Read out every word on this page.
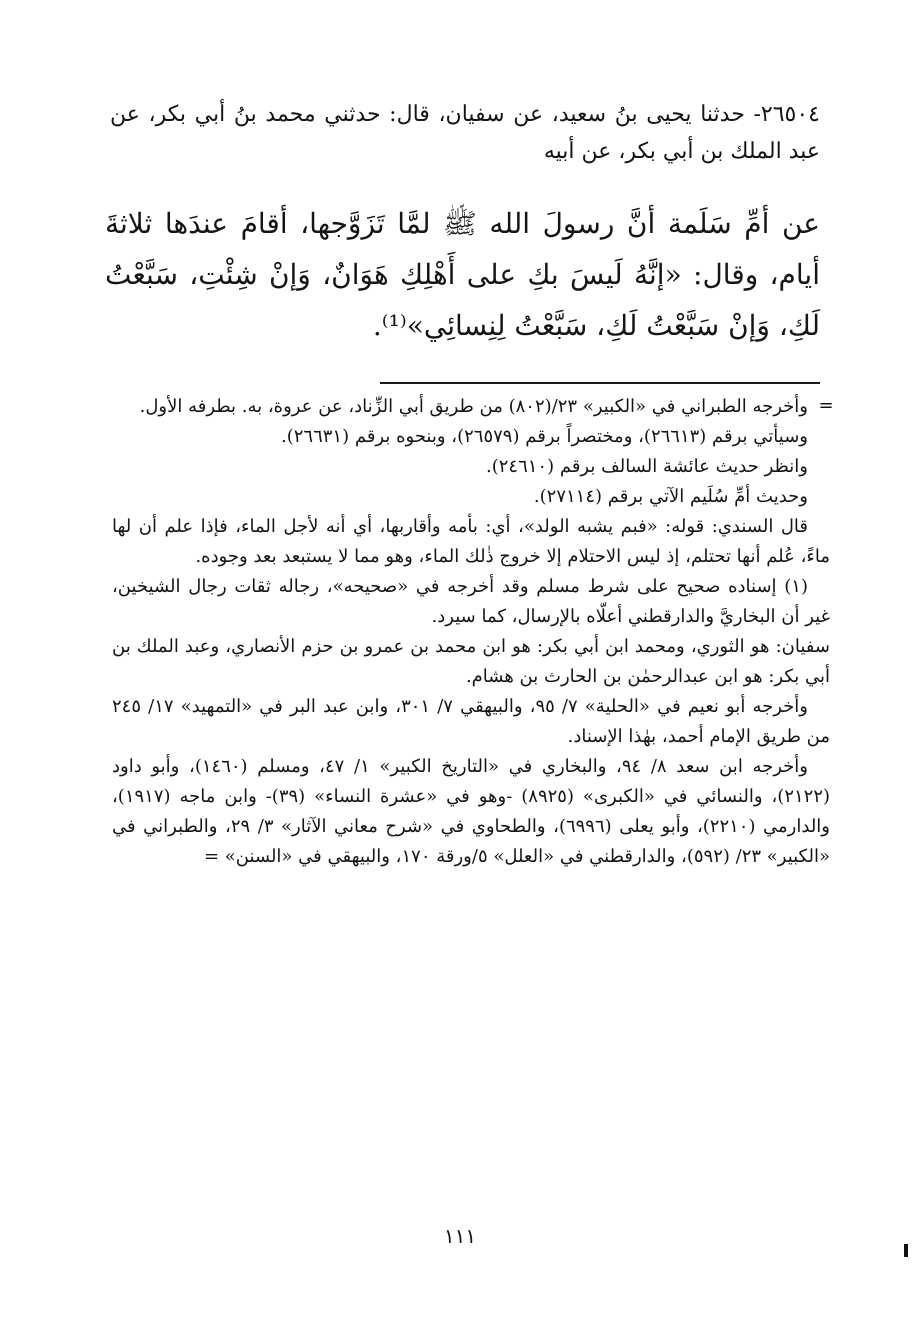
٢٦٥٠٤- حدثنا يحيى بنُ سعيد، عن سفيان، قال: حدثني محمد بنُ أبي بكر، عن عبد الملك بن أبي بكر، عن أبيه
عن أمِّ سَلَمة أنَّ رسولَ الله ﷺ لمَّا تَزَوَّجها، أقامَ عندَها ثلاثةَ أيام، وقال: «إنَّهُ لَيسَ بكِ على أَهْلِكِ هَوَانٌ، وَإنْ شِئْتِ، سَبَّعْتُ لَكِ، وَإنْ سَبَّعْتُ لَكِ، سَبَّعْتُ لِنِسائِي»⁽¹⁾.
=

وأخرجه الطبراني في «الكبير» ٢٣/(٨٠٢) من طريق أبي الزِّناد، عن عروة، به. بطرفه الأول.

وسيأتي برقم (٢٦٦١٣)، ومختصراً برقم (٢٦٥٧٩)، وبنحوه برقم (٢٦٦٣١).

وانظر حديث عائشة السالف برقم (٢٤٦١٠).

وحديث أمِّ سُلَيم الآتي برقم (٢٧١١٤).

قال السندي: قوله: «فبم يشبه الولد»، أي: بأمه وأقاربها، أي أنه لأجل الماء، فإذا علم أن لها ماءً، عُلم أنها تحتلم، إذ ليس الاحتلام إلا خروج ذٰلك الماء، وهو مما لا يستبعد بعد وجوده.

(١) إسناده صحيح على شرط مسلم وقد أخرجه في «صحيحه»، رجاله ثقات رجال الشيخين، غير أن البخاريَّ والدارقطني أعلّاه بالإرسال، كما سيرد.

سفيان: هو الثوري، ومحمد ابن أبي بكر: هو ابن محمد بن عمرو بن حزم الأنصاري، وعبد الملك بن أبي بكر: هو ابن عبدالرحمٰن بن الحارث بن هشام.

وأخرجه أبو نعيم في «الحلية» ٧/ ٩٥، والبيهقي ٧/ ٣٠١، وابن عبد البر في «التمهيد» ١٧/ ٢٤٥ من طريق الإمام أحمد، بهٰذا الإسناد.

وأخرجه ابن سعد ٨/ ٩٤، والبخاري في «التاريخ الكبير» ١/ ٤٧، ومسلم (١٤٦٠)، وأبو داود (٢١٢٢)، والنسائي في «الكبرى» (٨٩٢٥) -وهو في «عشرة النساء» (٣٩)- وابن ماجه (١٩١٧)، والدارمي (٢٢١٠)، وأبو يعلى (٦٩٩٦)، والطحاوي في «شرح معاني الآثار» ٣/ ٢٩، والطبراني في «الكبير» ٢٣/ (٥٩٢)، والدارقطني في «العلل» ٥/ورقة ١٧٠، والبيهقي في «السنن» =

١١١
